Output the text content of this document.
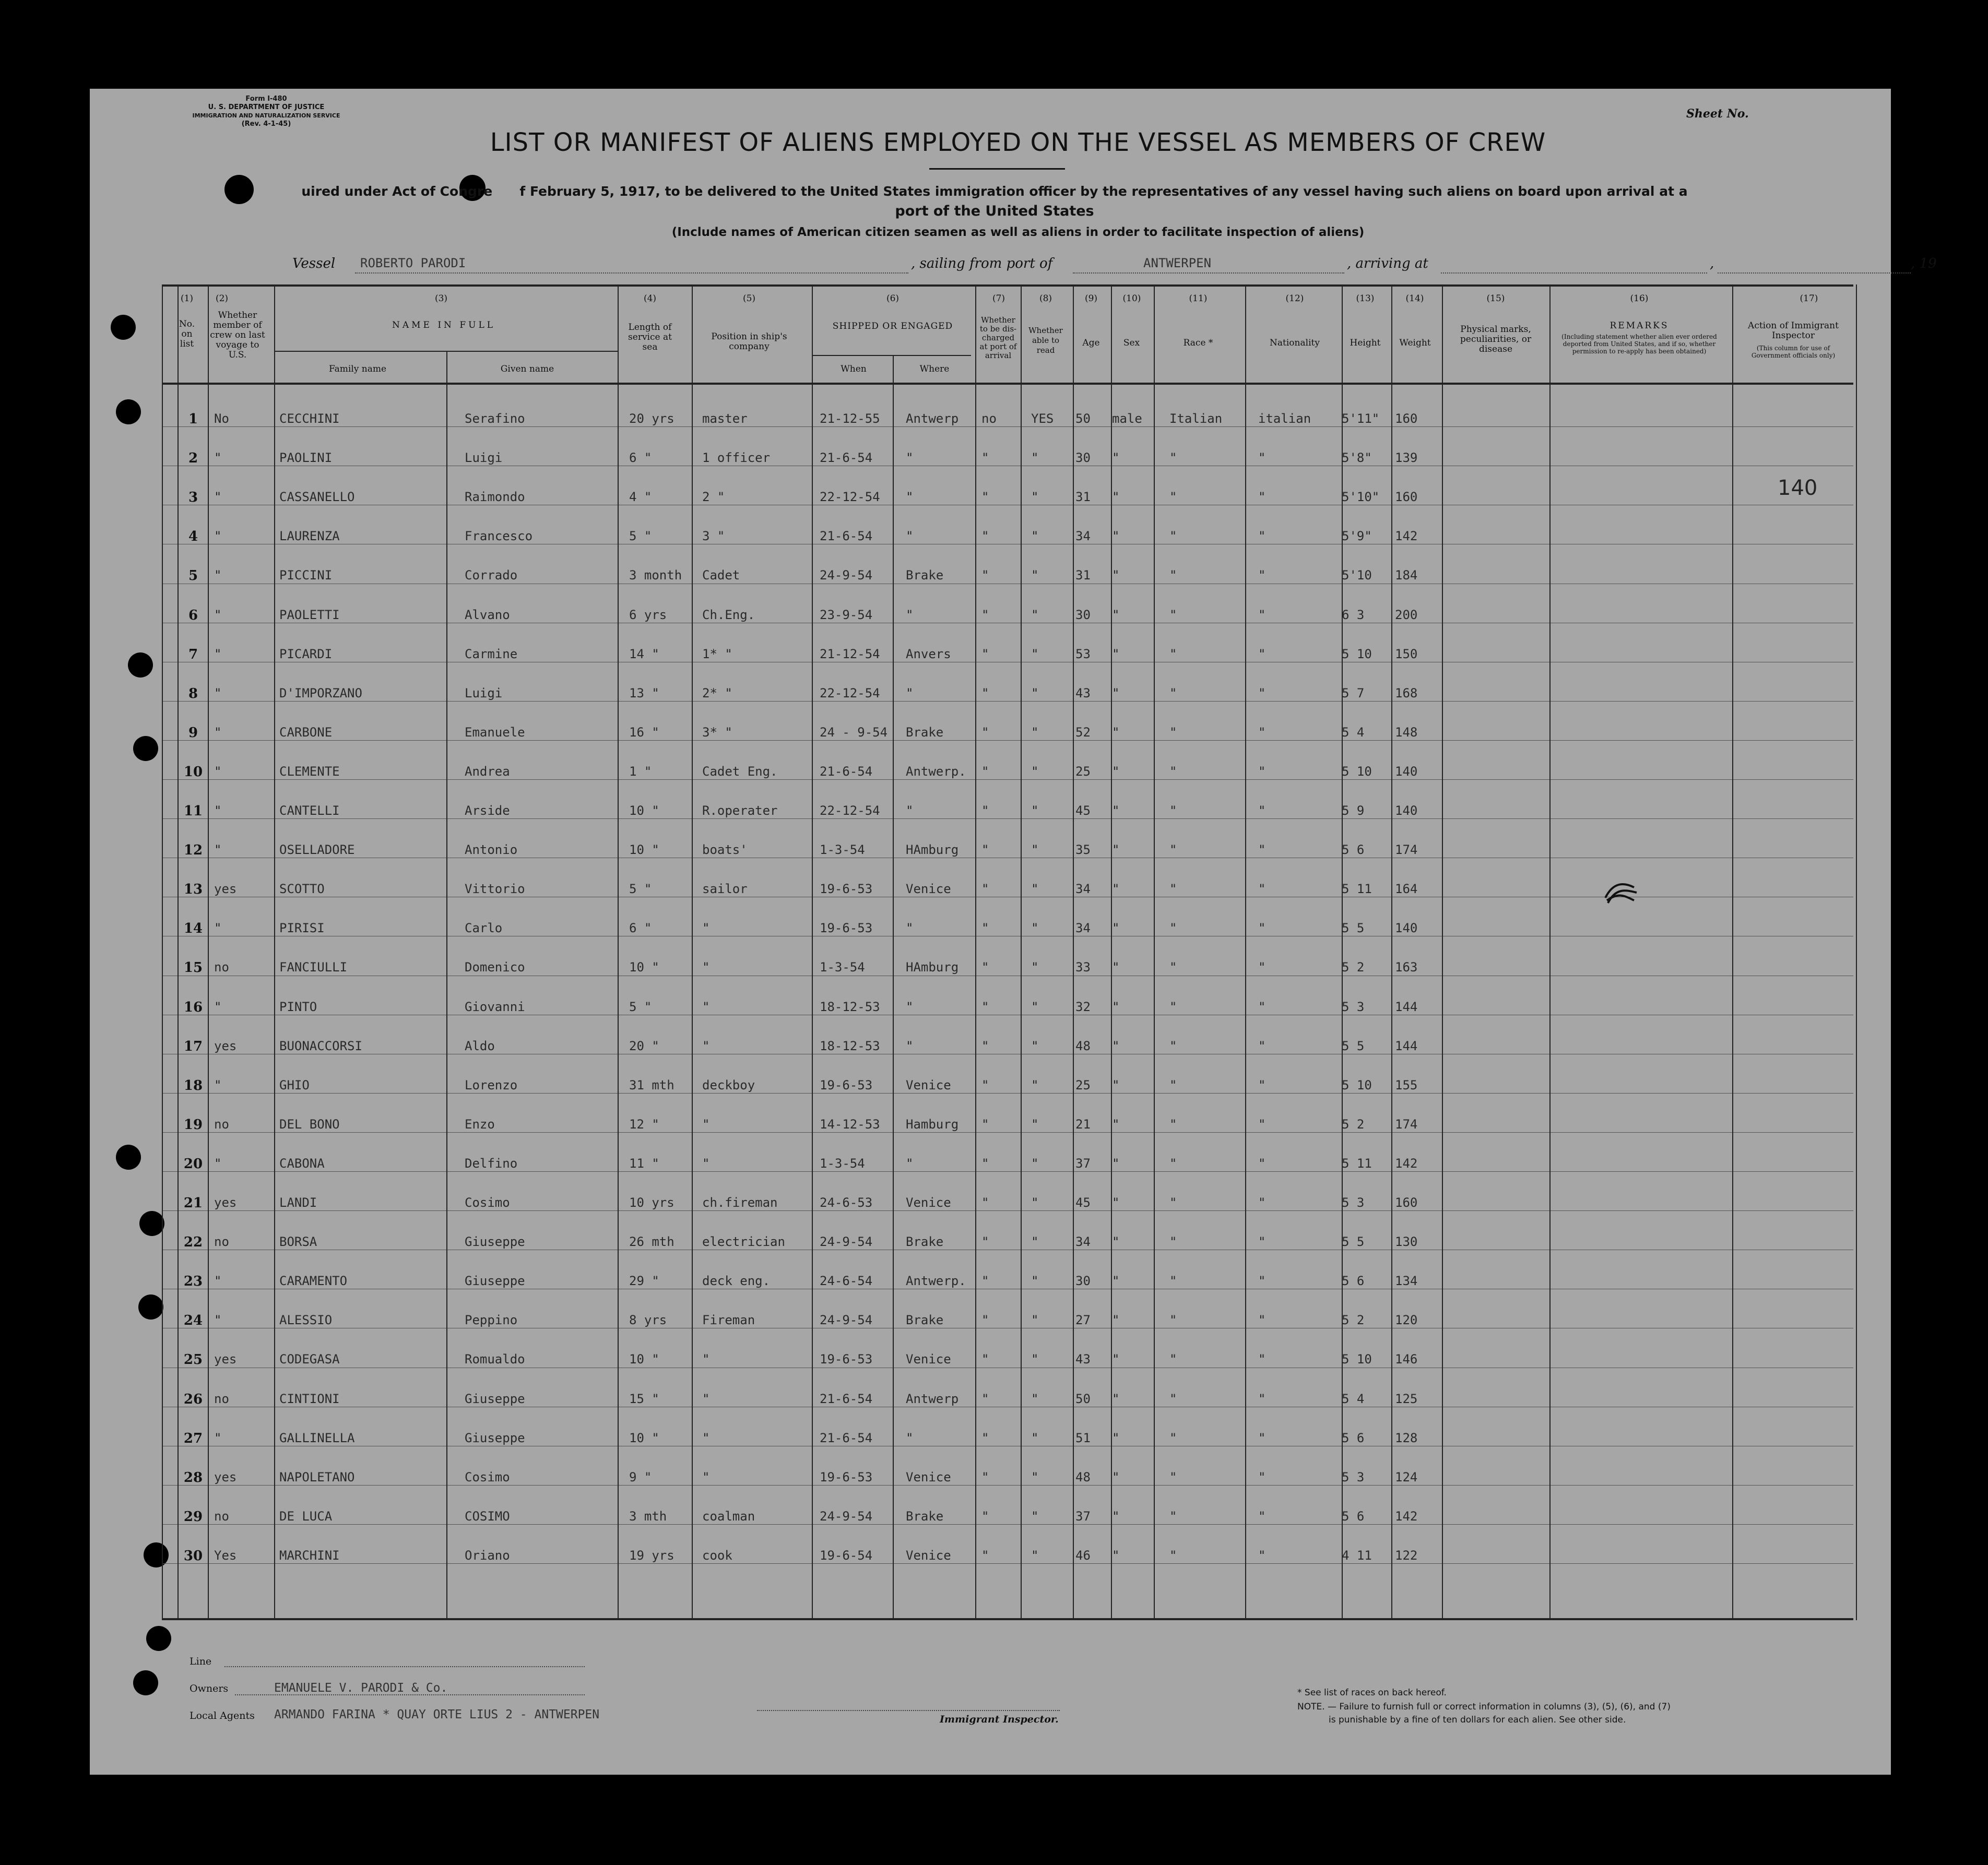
Form I-480
U. S. DEPARTMENT OF JUSTICE
IMMIGRATION AND NATURALIZATION SERVICE
(Rev. 4-1-45)
Sheet No.
LIST OR MANIFEST OF ALIENS EMPLOYED ON THE VESSEL AS MEMBERS OF CREW
uired under Act of Congre      f February 5, 1917, to be delivered to the United States immigration officer by the representatives of any vessel having such aliens on board upon arrival at a
port of the United States
(Include names of American citizen seamen as well as aliens in order to facilitate inspection of aliens)
Vessel ROBERTO PARODI	, sailing from port of	ANTWERPEN	, arriving at	,	, 19
(1)	(2)	(3)	(4)	(5)	(6)	(7)	(8)	(9)	(10)	(11)	(12)	(13)	(14)	(15)	(16)	(17)
No. on list
Whether member of crew on last voyage to U.S.
NAME IN FULL
Family name	Given name
Length of service at sea
Position in ship's company
SHIPPED OR ENGAGED
When	Where
Whether to be dis-charged at port of arrival
Whether able to read
Age	Sex	Race *	Nationality	Height	Weight
Physical marks, peculiarities, or disease
REMARKS
(Including statement whether alien ever ordered deported from United States, and if so, whether permission to re-apply has been obtained)
Action of Immigrant Inspector
(This column for use of Government officials only)
1	No	CECCHINI	Serafino	20 yrs	master	21-12-55	Antwerp	no	YES	50	male	Italian	italian	5'11"	160
2	"	PAOLINI	Luigi	6 "	1 officer	21-6-54	"	"	"	30	"	"	"	5'8"	139
3	"	CASSANELLO	Raimondo	4 "	2 "	22-12-54	"	"	"	31	"	"	"	5'10"	160
4	"	LAURENZA	Francesco	5 "	3 "	21-6-54	"	"	"	34	"	"	"	5'9"	142
5	"	PICCINI	Corrado	3 month	Cadet	24-9-54	Brake	"	"	31	"	"	"	5'10	184
6	"	PAOLETTI	Alvano	6 yrs	Ch.Eng.	23-9-54	"	"	"	30	"	"	"	6 3	200
7	"	PICARDI	Carmine	14 "	1* "	21-12-54	Anvers	"	"	53	"	"	"	5 10	150
8	"	D'IMPORZANO	Luigi	13 "	2* "	22-12-54	"	"	"	43	"	"	"	5 7	168
9	"	CARBONE	Emanuele	16 "	3* "	24 - 9-54	Brake	"	"	52	"	"	"	5 4	148
10 "	CLEMENTE	Andrea	1 "	Cadet Eng.	21-6-54	Antwerp.	"	"	25	"	"	"	5 10	140
11 "	CANTELLI	Arside	10 "	R.operater	22-12-54	"	"	"	45	"	"	"	5 9	140
12 "	OSELLADORE	Antonio	10 "	boats'	1-3-54	HAmburg	"	"	35	"	"	"	5 6	174
13 yes	SCOTTO	Vittorio	5 "	sailor	19-6-53	Venice	"	"	34	"	"	"	5 11	164
14 "	PIRISI	Carlo	6 "	"	19-6-53	"	"	"	34	"	"	"	5 5	140
15 no	FANCIULLI	Domenico	10 "	"	1-3-54	HAmburg	"	"	33	"	"	"	5 2	163
16 "	PINTO	Giovanni	5 "	"	18-12-53	"	"	"	32	"	"	"	5 3	144
17 yes	BUONACCORSI	Aldo	20 "	"	18-12-53	"	"	"	48	"	"	"	5 5	144
18 "	GHIO	Lorenzo	31 mth	deckboy	19-6-53	Venice	"	"	25	"	"	"	5 10	155
19 no	DEL BONO	Enzo	12 "	"	14-12-53	Hamburg	"	"	21	"	"	"	5 2	174
20 "	CABONA	Delfino	11 "	"	1-3-54	"	"	"	37	"	"	"	5 11	142
21 yes	LANDI	Cosimo	10 yrs	ch.fireman	24-6-53	Venice	"	"	45	"	"	"	5 3	160
22 no	BORSA	Giuseppe	26 mth	electrician	24-9-54	Brake	"	"	34	"	"	"	5 5	130
23 "	CARAMENTO	Giuseppe	29 "	deck eng.	24-6-54	Antwerp.	"	"	30	"	"	"	5 6	134
24 "	ALESSIO	Peppino	8 yrs	Fireman	24-9-54	Brake	"	"	27	"	"	"	5 2	120
25 yes	CODEGASA	Romualdo	10 "	"	19-6-53	Venice	"	"	43	"	"	"	5 10	146
26 no	CINTIONI	Giuseppe	15 "	"	21-6-54	Antwerp	"	"	50	"	"	"	5 4	125
27 "	GALLINELLA	Giuseppe	10 "	"	21-6-54	"	"	"	51	"	"	"	5 6	128
28 yes	NAPOLETANO	Cosimo	9 "	"	19-6-53	Venice	"	"	48	"	"	"	5 3	124
29 no	DE LUCA	COSIMO	3 mth	coalman	24-9-54	Brake	"	"	37	"	"	"	5 6	142
30 Yes	MARCHINI	Oriano	19 yrs	cook	19-6-54	Venice	"	"	46	"	"	"	4 11	122
140
Line
Owners	EMANUELE V. PARODI & Co.
Local Agents ARMANDO FARINA * QUAY ORTE LIUS 2 - ANTWERPEN	Immigrant Inspector.
* See list of races on back hereof.
NOTE. — Failure to furnish full or correct information in columns (3), (5), (6), and (7)
is punishable by a fine of ten dollars for each alien. See other side.
